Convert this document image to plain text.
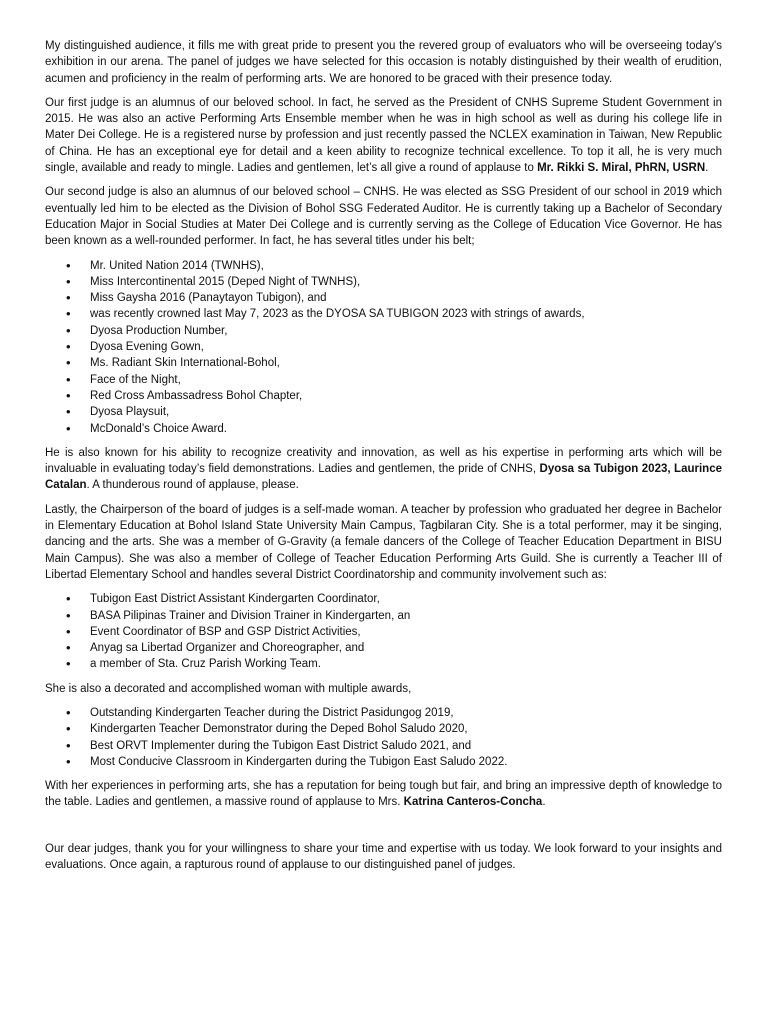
My distinguished audience, it fills me with great pride to present you the revered group of evaluators who will be overseeing today's exhibition in our arena. The panel of judges we have selected for this occasion is notably distinguished by their wealth of erudition, acumen and proficiency in the realm of performing arts. We are honored to be graced with their presence today.

Our first judge is an alumnus of our beloved school. In fact, he served as the President of CNHS Supreme Student Government in 2015. He was also an active Performing Arts Ensemble member when he was in high school as well as during his college life in Mater Dei College. He is a registered nurse by profession and just recently passed the NCLEX examination in Taiwan, New Republic of China. He has an exceptional eye for detail and a keen ability to recognize technical excellence. To top it all, he is very much single, available and ready to mingle. Ladies and gentlemen, let’s all give a round of applause to Mr. Rikki S. Miral, PhRN, USRN.

Our second judge is also an alumnus of our beloved school – CNHS. He was elected as SSG President of our school in 2019 which eventually led him to be elected as the Division of Bohol SSG Federated Auditor. He is currently taking up a Bachelor of Secondary Education Major in Social Studies at Mater Dei College and is currently serving as the College of Education Vice Governor. He has been known as a well-rounded performer. In fact, he has several titles under his belt;

• Mr. United Nation 2014 (TWNHS),
• Miss Intercontinental 2015 (Deped Night of TWNHS),
• Miss Gaysha 2016 (Panaytayon Tubigon), and
• was recently crowned last May 7, 2023 as the DYOSA SA TUBIGON 2023 with strings of awards,
• Dyosa Production Number,
• Dyosa Evening Gown,
• Ms. Radiant Skin International-Bohol,
• Face of the Night,
• Red Cross Ambassadress Bohol Chapter,
• Dyosa Playsuit,
• McDonald’s Choice Award.

He is also known for his ability to recognize creativity and innovation, as well as his expertise in performing arts which will be invaluable in evaluating today’s field demonstrations. Ladies and gentlemen, the pride of CNHS, Dyosa sa Tubigon 2023, Laurince Catalan. A thunderous round of applause, please.

Lastly, the Chairperson of the board of judges is a self-made woman. A teacher by profession who graduated her degree in Bachelor in Elementary Education at Bohol Island State University Main Campus, Tagbilaran City. She is a total performer, may it be singing, dancing and the arts. She was a member of G-Gravity (a female dancers of the College of Teacher Education Department in BISU Main Campus). She was also a member of College of Teacher Education Performing Arts Guild. She is currently a Teacher III of Libertad Elementary School and handles several District Coordinatorship and community involvement such as:

• Tubigon East District Assistant Kindergarten Coordinator,
• BASA Pilipinas Trainer and Division Trainer in Kindergarten, an
• Event Coordinator of BSP and GSP District Activities,
• Anyag sa Libertad Organizer and Choreographer, and
• a member of Sta. Cruz Parish Working Team.

She is also a decorated and accomplished woman with multiple awards,

• Outstanding Kindergarten Teacher during the District Pasidungog 2019,
• Kindergarten Teacher Demonstrator during the Deped Bohol Saludo 2020,
• Best ORVT Implementer during the Tubigon East District Saludo 2021, and
• Most Conducive Classroom in Kindergarten during the Tubigon East Saludo 2022.

With her experiences in performing arts, she has a reputation for being tough but fair, and bring an impressive depth of knowledge to the table. Ladies and gentlemen, a massive round of applause to Mrs. Katrina Canteros-Concha.

Our dear judges, thank you for your willingness to share your time and expertise with us today. We look forward to your insights and evaluations. Once again, a rapturous round of applause to our distinguished panel of judges.
